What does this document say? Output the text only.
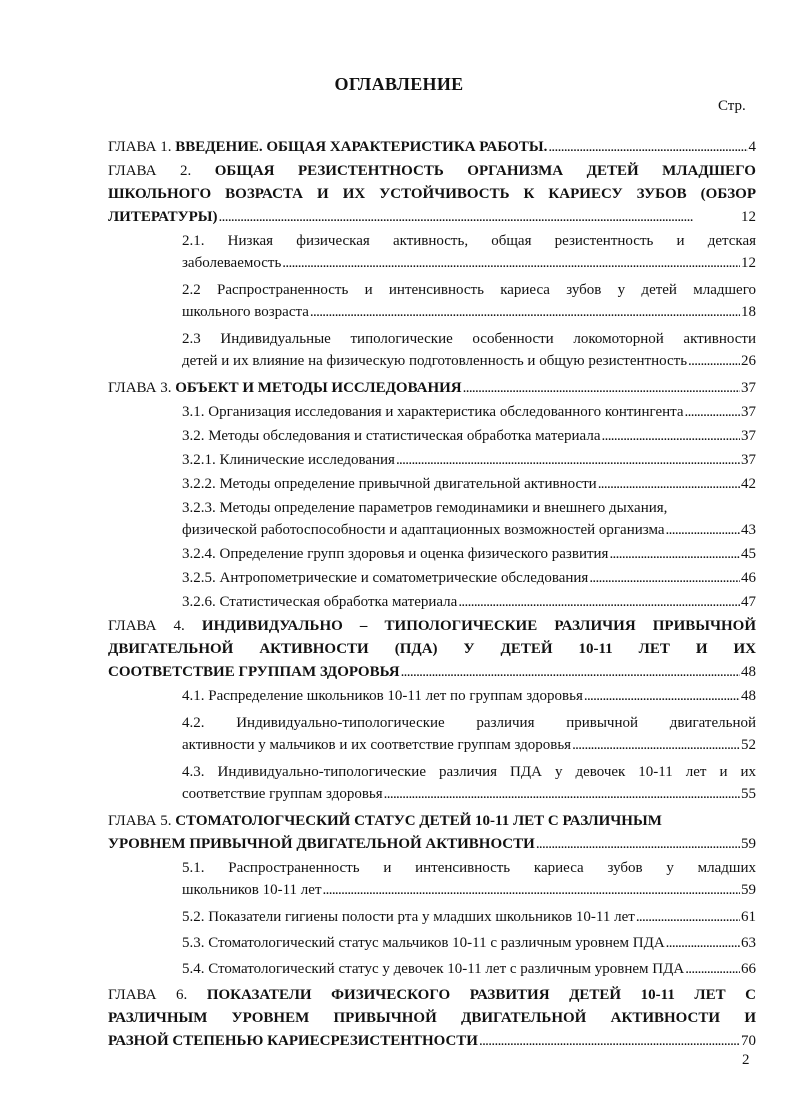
ОГЛАВЛЕНИЕ
Стр.
ГЛАВА 1. ВВЕДЕНИЕ. ОБЩАЯ ХАРАКТЕРИСТИКА РАБОТЫ. . . .	4
ГЛАВА 2. ОБЩАЯ РЕЗИСТЕНТНОСТЬ ОРГАНИЗМА ДЕТЕЙ МЛАДШЕГО
ШКОЛЬНОГО ВОЗРАСТА И ИХ УСТОЙЧИВОСТЬ К КАРИЕСУ ЗУБОВ (ОБЗОР
ЛИТЕРАТУРЫ) . . .	12
2.1. Низкая физическая активность, общая резистентность и детская
заболеваемость . . .	12
2.2 Распространенность и интенсивность кариеса зубов у детей младшего
школьного возраста . . .	18
2.3 Индивидуальные типологические особенности локомоторной активности
детей и их влияние на физическую подготовленность и общую резистентность . . .	26
ГЛАВА 3. ОБЪЕКТ И МЕТОДЫ ИССЛЕДОВАНИЯ . . .	37
3.1. Организация исследования и характеристика обследованного контингента . . .	37
3.2. Методы обследования и статистическая обработка материала . . .	37
3.2.1. Клинические исследования . . .	37
3.2.2. Методы определение привычной двигательной активности . . .	42
3.2.3. Методы определение параметров гемодинамики и внешнего дыхания,
физической работоспособности и адаптационных возможностей организма . . .	43
3.2.4. Определение групп здоровья и оценка физического развития . . .	45
3.2.5. Антропометрические и соматометрические обследования . . .	46
3.2.6. Статистическая обработка материала . . .	47
ГЛАВА 4. ИНДИВИДУАЛЬНО – ТИПОЛОГИЧЕСКИЕ РАЗЛИЧИЯ ПРИВЫЧНОЙ
ДВИГАТЕЛЬНОЙ АКТИВНОСТИ (ПДА) У ДЕТЕЙ 10-11 ЛЕТ И ИХ
СООТВЕТСТВИЕ ГРУППАМ ЗДОРОВЬЯ . . .	48
4.1. Распределение школьников 10-11 лет по группам здоровья . . .	48
4.2. Индивидуально-типологические различия привычной двигательной
активности у мальчиков и их соответствие группам здоровья . . .	52
4.3. Индивидуально-типологические различия ПДА у девочек 10-11 лет и их
соответствие группам здоровья . . .	55
ГЛАВА 5. СТОМАТОЛОГЧЕСКИЙ СТАТУС ДЕТЕЙ 10-11 ЛЕТ С РАЗЛИЧНЫМ
УРОВНЕМ ПРИВЫЧНОЙ ДВИГАТЕЛЬНОЙ АКТИВНОСТИ . . .	59
5.1. Распространенность и интенсивность кариеса зубов у младших
школьников 10-11 лет . . .	59
5.2. Показатели гигиены полости рта у младших школьников 10-11 лет . . .	61
5.3. Стоматологический статус мальчиков 10-11 с различным уровнем ПДА . . .	63
5.4. Стоматологический статус у девочек 10-11 лет с различным уровнем ПДА . . .	66
ГЛАВА 6. ПОКАЗАТЕЛИ ФИЗИЧЕСКОГО РАЗВИТИЯ ДЕТЕЙ 10-11 ЛЕТ С
РАЗЛИЧНЫМ УРОВНЕМ ПРИВЫЧНОЙ ДВИГАТЕЛЬНОЙ АКТИВНОСТИ И
РАЗНОЙ СТЕПЕНЬЮ КАРИЕСРЕЗИСТЕНТНОСТИ . . .	70
2
